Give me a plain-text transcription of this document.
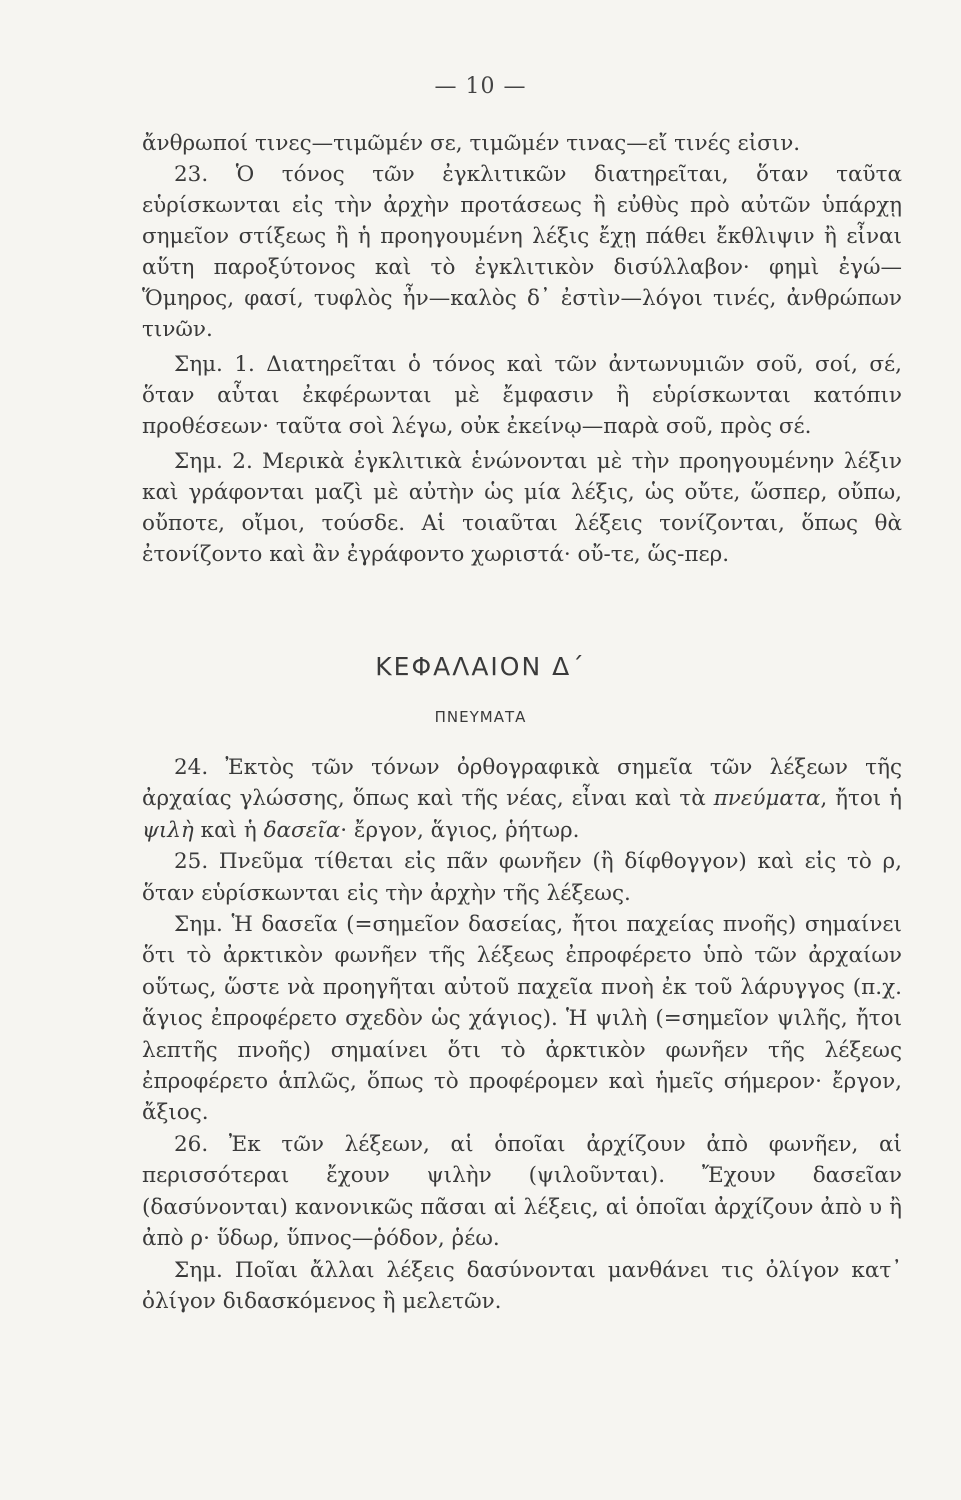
— 10 —

ἄνθρωποί τινες—τιμῶμέν σε, τιμῶμέν τινας—εἴ τινές εἰσιν.

23. Ὁ τόνος τῶν ἐγκλιτικῶν διατηρεῖται, ὅταν ταῦτα εὑρίσκωνται εἰς τὴν ἀρχὴν προτάσεως ἢ εὐθὺς πρὸ αὐτῶν ὑπάρχῃ σημεῖον στίξεως ἢ ἡ προηγουμένη λέξις ἔχῃ πάθει ἔκθλιψιν ἢ εἶναι αὕτη παροξύτονος καὶ τὸ ἐγκλιτικὸν δισύλλαβον· φημὶ ἐγώ— Ὅμηρος, φασί, τυφλὸς ἦν—καλὸς δ᾽ ἐστὶν—λόγοι τινές, ἀνθρώπων τινῶν.

Σημ. 1. Διατηρεῖται ὁ τόνος καὶ τῶν ἀντωνυμιῶν σοῦ, σοί, σέ, ὅταν αὗται ἐκφέρωνται μὲ ἔμφασιν ἢ εὑρίσκωνται κατόπιν προθέσεων· ταῦτα σοὶ λέγω, οὐκ ἐκείνῳ—παρὰ σοῦ, πρὸς σέ.

Σημ. 2. Μερικὰ ἐγκλιτικὰ ἑνώνονται μὲ τὴν προηγουμένην λέξιν καὶ γράφονται μαζὶ μὲ αὐτὴν ὡς μία λέξις, ὡς οὔτε, ὥσπερ, οὔπω, οὔποτε, οἴμοι, τούσδε. Αἱ τοιαῦται λέξεις τονίζονται, ὅπως θὰ ἐτονίζοντο καὶ ἂν ἐγράφοντο χωριστά· οὔ-τε, ὥς-περ.

ΚΕΦΑΛΑΙΟΝ Δ΄
ΠΝΕΥΜΑΤΑ

24. Ἐκτὸς τῶν τόνων ὀρθογραφικὰ σημεῖα τῶν λέξεων τῆς ἀρχαίας γλώσσης, ὅπως καὶ τῆς νέας, εἶναι καὶ τὰ πνεύματα, ἤτοι ἡ ψιλὴ καὶ ἡ δασεῖα· ἔργον, ἅγιος, ῥήτωρ.

25. Πνεῦμα τίθεται εἰς πᾶν φωνῆεν (ἢ δίφθογγον) καὶ εἰς τὸ ρ, ὅταν εὑρίσκωνται εἰς τὴν ἀρχὴν τῆς λέξεως.

Σημ. Ἡ δασεῖα (=σημεῖον δασείας, ἤτοι παχείας πνοῆς) σημαίνει ὅτι τὸ ἀρκτικὸν φωνῆεν τῆς λέξεως ἐπροφέρετο ὑπὸ τῶν ἀρχαίων οὕτως, ὥστε νὰ προηγῆται αὐτοῦ παχεῖα πνοὴ ἐκ τοῦ λάρυγγος (π.χ. ἅγιος ἐπροφέρετο σχεδὸν ὡς χάγιος). Ἡ ψιλὴ (=σημεῖον ψιλῆς, ἤτοι λεπτῆς πνοῆς) σημαίνει ὅτι τὸ ἀρκτικὸν φωνῆεν τῆς λέξεως ἐπροφέρετο ἁπλῶς, ὅπως τὸ προφέρομεν καὶ ἡμεῖς σήμερον· ἔργον, ἄξιος.

26. Ἐκ τῶν λέξεων, αἱ ὁποῖαι ἀρχίζουν ἀπὸ φωνῆεν, αἱ περισσότεραι ἔχουν ψιλὴν (ψιλοῦνται). Ἔχουν δασεῖαν (δασύνονται) κανονικῶς πᾶσαι αἱ λέξεις, αἱ ὁποῖαι ἀρχίζουν ἀπὸ υ ἢ ἀπὸ ρ· ὕδωρ, ὕπνος—ῥόδον, ῥέω.

Σημ. Ποῖαι ἄλλαι λέξεις δασύνονται μανθάνει τις ὀλίγον κατ᾽ ὀλίγον διδασκόμενος ἢ μελετῶν.
